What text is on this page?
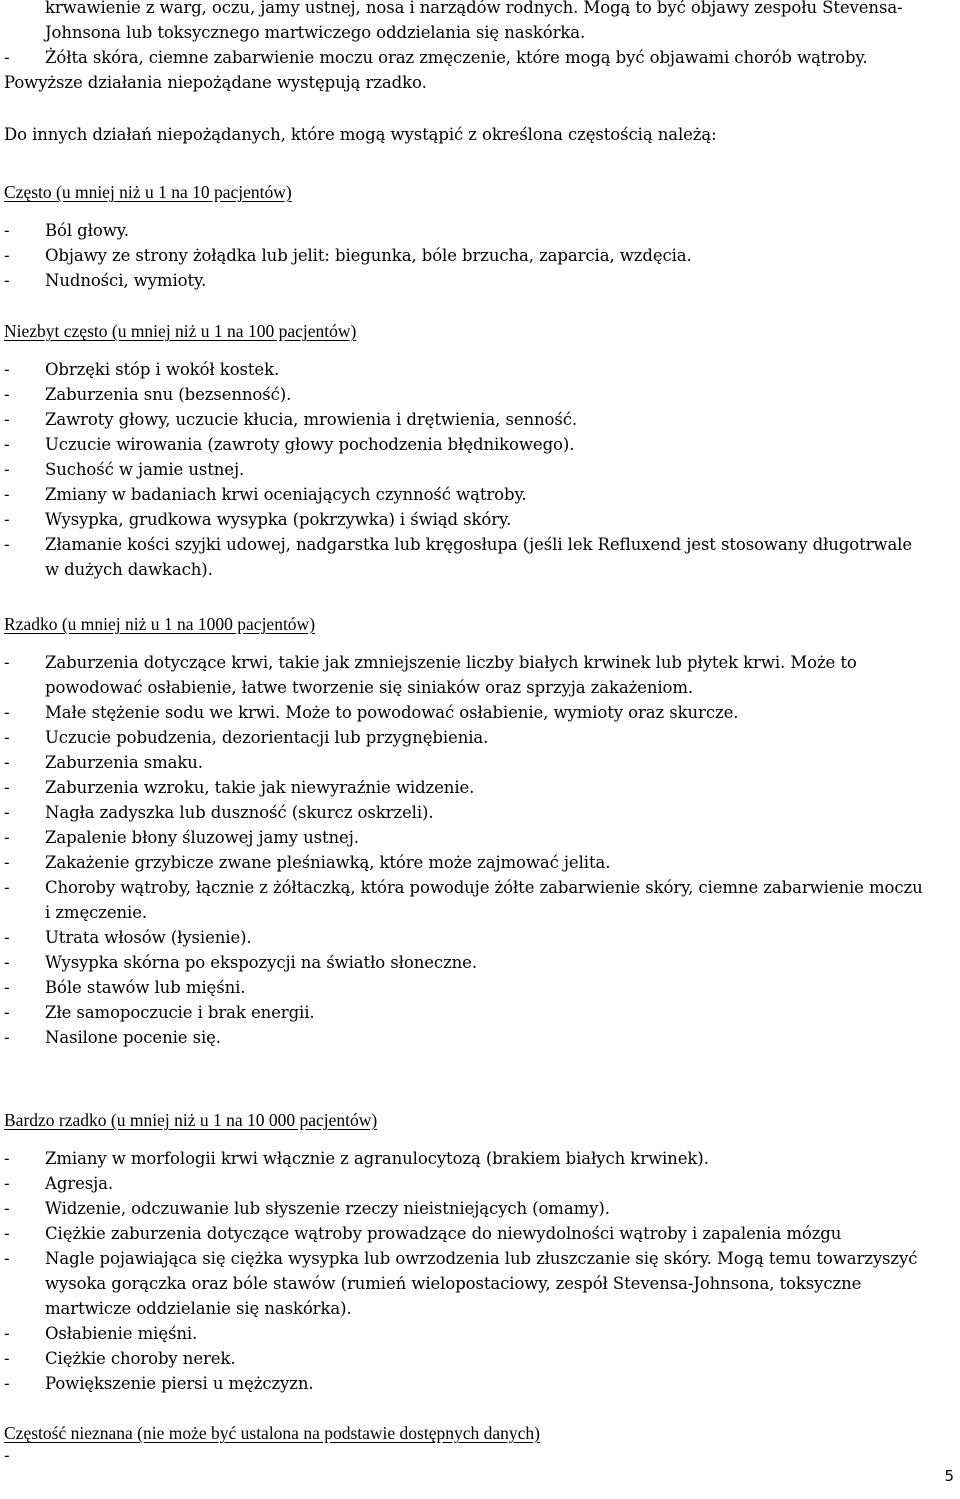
krwawienie z warg, oczu, jamy ustnej, nosa i narządów rodnych. Mogą to być objawy zespołu Stevensa-Johnsona lub toksycznego martwiczego oddzielania się naskórka.
-	Żółta skóra, ciemne zabarwienie moczu oraz zmęczenie, które mogą być objawami chorób wątroby.
Powyższe działania niepożądane występują rzadko.
Do innych działań niepożądanych, które mogą wystąpić z określona częstością należą:
Często (u mniej niż u 1 na 10 pacjentów)
-	Ból głowy.
-	Objawy ze strony żołądka lub jelit: biegunka, bóle brzucha, zaparcia, wzdęcia.
-	Nudności, wymioty.
Niezbyt często (u mniej niż u 1 na 100 pacjentów)
-	Obrzęki stóp i wokół kostek.
-	Zaburzenia snu (bezsenność).
-	Zawroty głowy, uczucie kłucia, mrowienia i drętwienia, senność.
-	Uczucie wirowania (zawroty głowy pochodzenia błędnikowego).
-	Suchość w jamie ustnej.
-	Zmiany w badaniach krwi oceniających czynność wątroby.
-	Wysypka, grudkowa wysypka (pokrzywka) i świąd skóry.
-	Złamanie kości szyjki udowej, nadgarstka lub kręgosłupa (jeśli lek Refluxend jest stosowany długotrwale w dużych dawkach).
Rzadko (u mniej niż u 1 na 1000 pacjentów)
-	Zaburzenia dotyczące krwi, takie jak zmniejszenie liczby białych krwinek lub płytek krwi. Może to powodować osłabienie, łatwe tworzenie się siniaków oraz sprzyja zakażeniom.
-	Małe stężenie sodu we krwi. Może to powodować osłabienie, wymioty oraz skurcze.
-	Uczucie pobudzenia, dezorientacji lub przygnębienia.
-	Zaburzenia smaku.
-	Zaburzenia wzroku, takie jak niewyraźnie widzenie.
-	Nagła zadyszka lub duszność (skurcz oskrzeli).
-	Zapalenie błony śluzowej jamy ustnej.
-	Zakażenie grzybicze zwane pleśniawką, które może zajmować jelita.
-	Choroby wątroby, łącznie z żółtaczką, która powoduje żółte zabarwienie skóry, ciemne zabarwienie moczu i zmęczenie.
-	Utrata włosów (łysienie).
-	Wysypka skórna po ekspozycji na światło słoneczne.
-	Bóle stawów lub mięśni.
-	Złe samopoczucie i brak energii.
-	Nasilone pocenie się.
Bardzo rzadko (u mniej niż u 1 na 10 000 pacjentów)
-	Zmiany w morfologii krwi włącznie z agranulocytozą (brakiem białych krwinek).
-	Agresja.
-	Widzenie, odczuwanie lub słyszenie rzeczy nieistniejących (omamy).
-	Ciężkie zaburzenia dotyczące wątroby prowadzące do niewydolności wątroby i zapalenia mózgu
-	Nagle pojawiająca się ciężka wysypka lub owrzodzenia lub złuszczanie się skóry. Mogą temu towarzyszyć wysoka gorączka oraz bóle stawów (rumień wielopostaciowy, zespół Stevensa-Johnsona, toksyczne martwicze oddzielanie się naskórka).
-	Osłabienie mięśni.
-	Ciężkie choroby nerek.
-	Powiększenie piersi u mężczyzn.
Częstość nieznana (nie może być ustalona na podstawie dostępnych danych)
-
5
